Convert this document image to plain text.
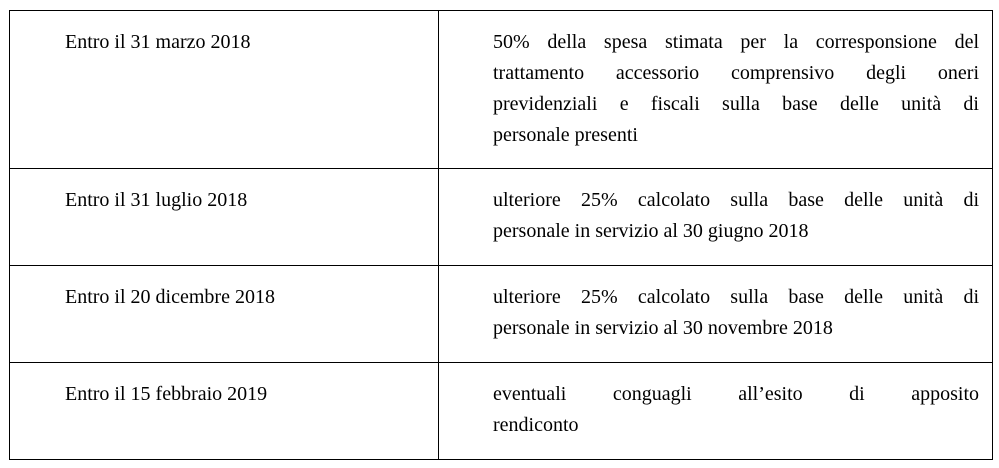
Entro il 31 marzo 2018	50% della spesa stimata per la corresponsione del
trattamento accessorio comprensivo degli oneri
previdenziali e fiscali sulla base delle unità di
personale presenti

Entro il 31 luglio 2018	ulteriore 25% calcolato sulla base delle unità di
personale in servizio al 30 giugno 2018

Entro il 20 dicembre 2018	ulteriore 25% calcolato sulla base delle unità di
personale in servizio al 30 novembre 2018

Entro il 15 febbraio 2019	eventuali conguagli all’esito di apposito
rendiconto
